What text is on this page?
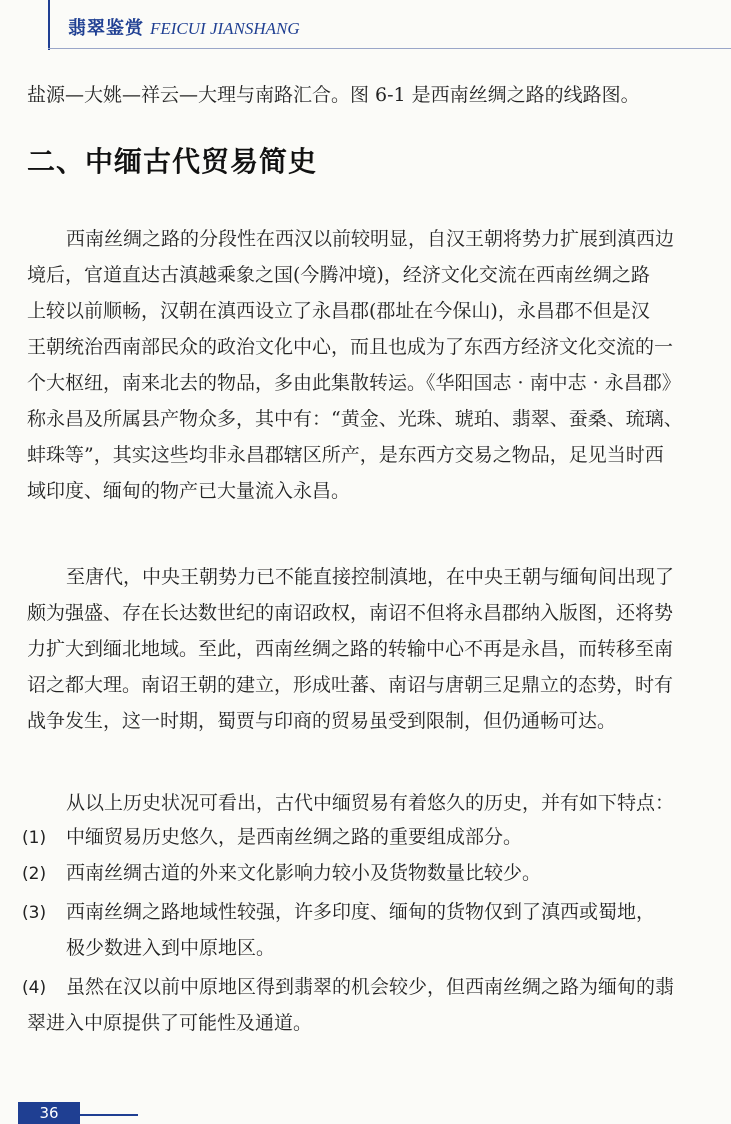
翡翠鉴赏 FEICUI JIANSHANG
盐源—大姚—祥云—大理与南路汇合。图 6-1 是西南丝绸之路的线路图。
二、中缅古代贸易简史
西南丝绸之路的分段性在西汉以前较明显，自汉王朝将势力扩展到滇西边
境后，官道直达古滇越乘象之国(今腾冲境)，经济文化交流在西南丝绸之路
上较以前顺畅，汉朝在滇西设立了永昌郡(郡址在今保山)，永昌郡不但是汉
王朝统治西南部民众的政治文化中心，而且也成为了东西方经济文化交流的一
个大枢纽，南来北去的物品，多由此集散转运。《华阳国志 · 南中志 · 永昌郡》
称永昌及所属县产物众多，其中有：“黄金、光珠、琥珀、翡翠、蚕桑、琉璃、
蚌珠等”，其实这些均非永昌郡辖区所产，是东西方交易之物品，足见当时西
域印度、缅甸的物产已大量流入永昌。
至唐代，中央王朝势力已不能直接控制滇地，在中央王朝与缅甸间出现了
颇为强盛、存在长达数世纪的南诏政权，南诏不但将永昌郡纳入版图，还将势
力扩大到缅北地域。至此，西南丝绸之路的转输中心不再是永昌，而转移至南
诏之都大理。南诏王朝的建立，形成吐蕃、南诏与唐朝三足鼎立的态势，时有
战争发生，这一时期，蜀贾与印商的贸易虽受到限制，但仍通畅可达。
从以上历史状况可看出，古代中缅贸易有着悠久的历史，并有如下特点：
(1) 中缅贸易历史悠久，是西南丝绸之路的重要组成部分。
(2) 西南丝绸古道的外来文化影响力较小及货物数量比较少。
(3) 西南丝绸之路地域性较强，许多印度、缅甸的货物仅到了滇西或蜀地，
极少数进入到中原地区。
(4) 虽然在汉以前中原地区得到翡翠的机会较少，但西南丝绸之路为缅甸的翡
翠进入中原提供了可能性及通道。
36
